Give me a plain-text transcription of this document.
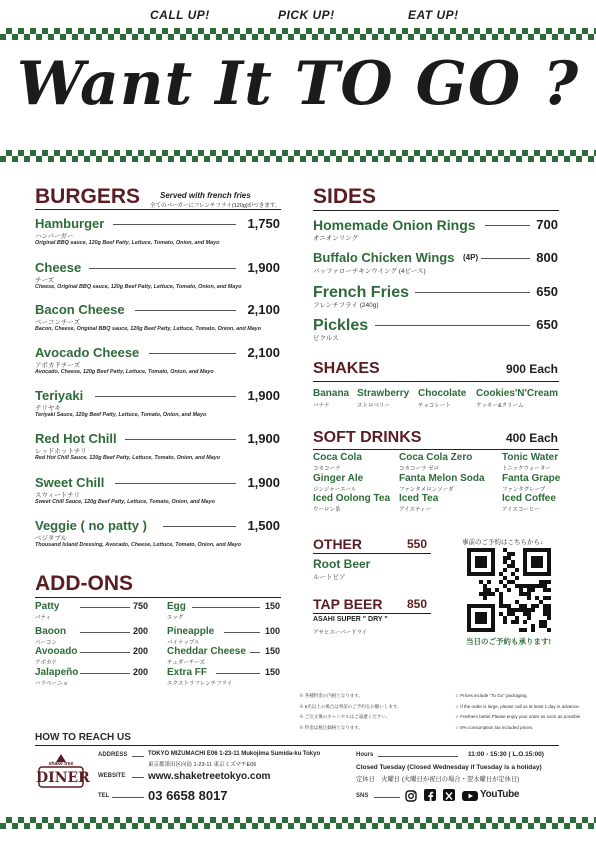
CALL UP!	PICK UP!	EAT UP!
Want It TO GO ?
BURGERS Served with french fries
全てのバーガーにフレンチフライ(120g)がつきます。
Hamburger	1,750
ハンバーガー
Original BBQ sauce, 120g Beef Patty, Lettuce, Tomato, Onion, and Mayo
Cheese	1,900
チーズ
Cheese, Original BBQ sauce, 120g Beef Patty, Lettuce, Tomato, Onion, and Mayo
Bacon Cheese	2,100
ベーコンチーズ
Bacon, Cheese, Original BBQ sauce, 120g Beef Patty, Lettuce, Tomato, Onion, and Mayo
Avocado Cheese	2,100
アボカドチーズ
Avocado, Cheese, 120g Beef Patty, Lettuce, Tomato, Onion, and Mayo
Teriyaki	1,900
テリヤキ
Teriyaki Sauce, 120g Beef Patty, Lettuce, Tomato, Onion, and Mayo
Red Hot Chill	1,900
レッドホットチリ
Red Hot Chill Sauce, 120g Beef Patty, Lettuce, Tomato, Onion, and Mayo
Sweet Chill	1,900
スウィートチリ
Sweet Chill Sauce, 120g Beef Patty, Lettuce, Tomato, Onion, and Mayo
Veggie ( no patty )	1,500
ベジタブル
Thousand Island Dressing, Avocado, Cheese, Lettuce, Tomato, Onion, and Mayo
ADD-ONS
Patty	750
パティ
Baoon	200
ベーコン
Avooado	200
アボカド
Jalapeño	200
ハラペーニョ
Egg	150
エッグ
Pineapple	100
パイナップル
Cheddar Cheese	150
チェダーチーズ
Extra FF	150
エクストラフレンチフライ
SIDES
Homemade Onion Rings	700
オニオンリング
Buffalo Chicken Wings (4P)	800
バッファローチキンウイング (4ピース)
French Fries	650
フレンチフライ (240g)
Pickles	650
ピクルス
SHAKES	900 Each
Banana
バナナ
Strawberry
ストロベリー
Chocolate
チョコレート
Cookies'N'Cream
クッキー&クリーム
SOFT DRINKS	400 Each
Coca Cola
コカコーラ
Coca Cola Zero
コカコーラ ゼロ
Tonic Water
トニックウォーター
Ginger Ale
ジンジャーエール
Fanta Melon Soda
ファンタメロンソーダ
Fanta Grape
ファンタグレープ
Iced Oolong Tea
ウーロン茶
Iced Tea
アイスティー
Iced Coffee
アイスコーヒー
OTHER	550
Root Beer
ルートビア
TAP BEER 850
ASAHI SUPER " DRY "
アサヒスーパードライ
事前のご予約はこちらから↓
当日のご予約も承ります!
※ 各種料金の内税となります。
※ 5名以上の場合は事前のご予約をお願いします。
※ ご注文後のキャンセルはご遠慮ください。
※ 料金は税込価格となります。
☆ Prices include "To Go" packaging.
☆ If the order is large, please call us at least 1 day in advance.
☆ Freshers better.Please enjoy your order as soon as possible.
☆ 8% consumption tax included prices.
HOW TO REACH US
shake tree
DINER
ADDRESS	TOKYO MIZUMACHI E06 1-23-11 Mukojima Sumida-ku Tokyo
東京都墨田区向島 1-23-11 東京ミズマチE06
WEBSITE www.shaketreetokyo.com
TEL	03 6658 8017
Hours	11:00 - 15:30 ( L.O.15:00)
Closed Tuesday (Closed Wednesday if Tuesday is a holiday)
定休日　火曜日 (火曜日が祝日の場合・翌水曜日が定休日)
SNS	YouTube
